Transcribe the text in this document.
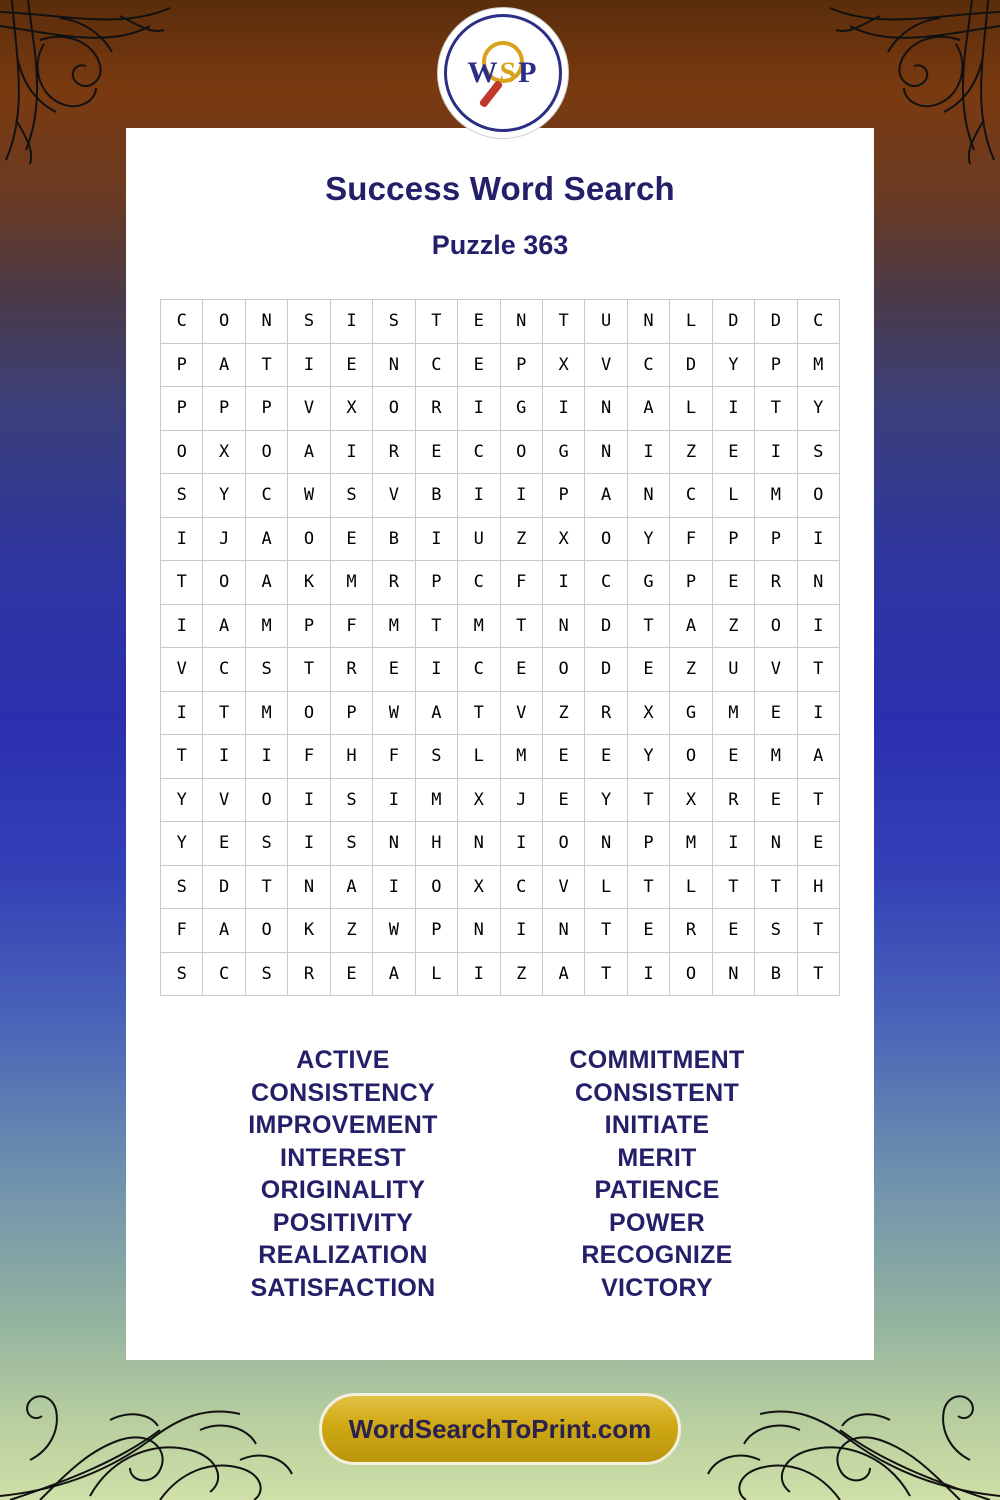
WSP
Success Word Search
Puzzle 363
C	O	N	S	I	S	T	E	N	T	U	N	L	D	D	C
P	A	T	I	E	N	C	E	P	X	V	C	D	Y	P	M
P	P	P	V	X	O	R	I	G	I	N	A	L	I	T	Y
O	X	O	A	I	R	E	C	O	G	N	I	Z	E	I	S
S	Y	C	W	S	V	B	I	I	P	A	N	C	L	M	O
I	J	A	O	E	B	I	U	Z	X	O	Y	F	P	P	I
T	O	A	K	M	R	P	C	F	I	C	G	P	E	R	N
I	A	M	P	F	M	T	M	T	N	D	T	A	Z	O	I
V	C	S	T	R	E	I	C	E	O	D	E	Z	U	V	T
I	T	M	O	P	W	A	T	V	Z	R	X	G	M	E	I
T	I	I	F	H	F	S	L	M	E	E	Y	O	E	M	A
Y	V	O	I	S	I	M	X	J	E	Y	T	X	R	E	T
Y	E	S	I	S	N	H	N	I	O	N	P	M	I	N	E
S	D	T	N	A	I	O	X	C	V	L	T	L	T	T	H
F	A	O	K	Z	W	P	N	I	N	T	E	R	E	S	T
S	C	S	R	E	A	L	I	Z	A	T	I	O	N	B	T
ACTIVE
CONSISTENCY
IMPROVEMENT
INTEREST
ORIGINALITY
POSITIVITY
REALIZATION
SATISFACTION
COMMITMENT
CONSISTENT
INITIATE
MERIT
PATIENCE
POWER
RECOGNIZE
VICTORY
WordSearchToPrint.com
